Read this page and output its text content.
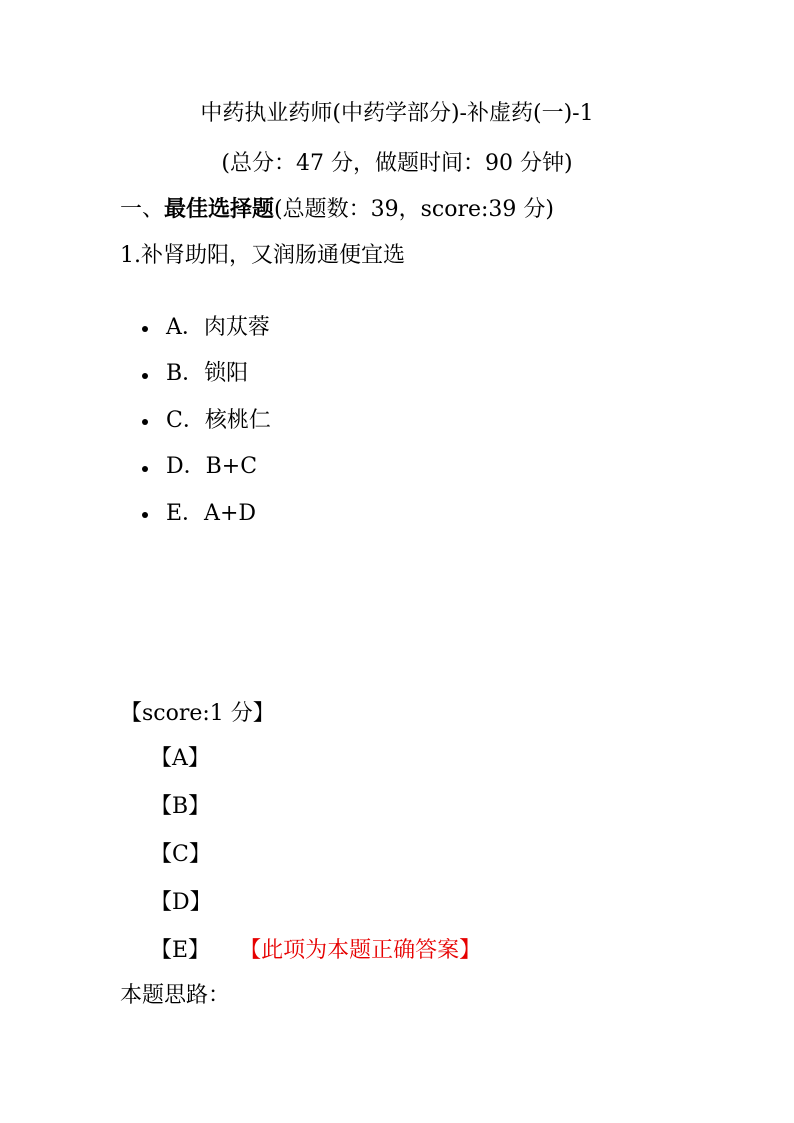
中药执业药师(中药学部分)-补虚药(一)-1
(总分：47 分，做题时间：90 分钟)
一、最佳选择题(总题数：39，score:39 分)
1.补肾助阳，又润肠通便宜选
A．肉苁蓉
B．锁阳
C．核桃仁
D．B+C
E．A+D
【score:1 分】
【A】
【B】
【C】
【D】
【E】 【此项为本题正确答案】
本题思路：
